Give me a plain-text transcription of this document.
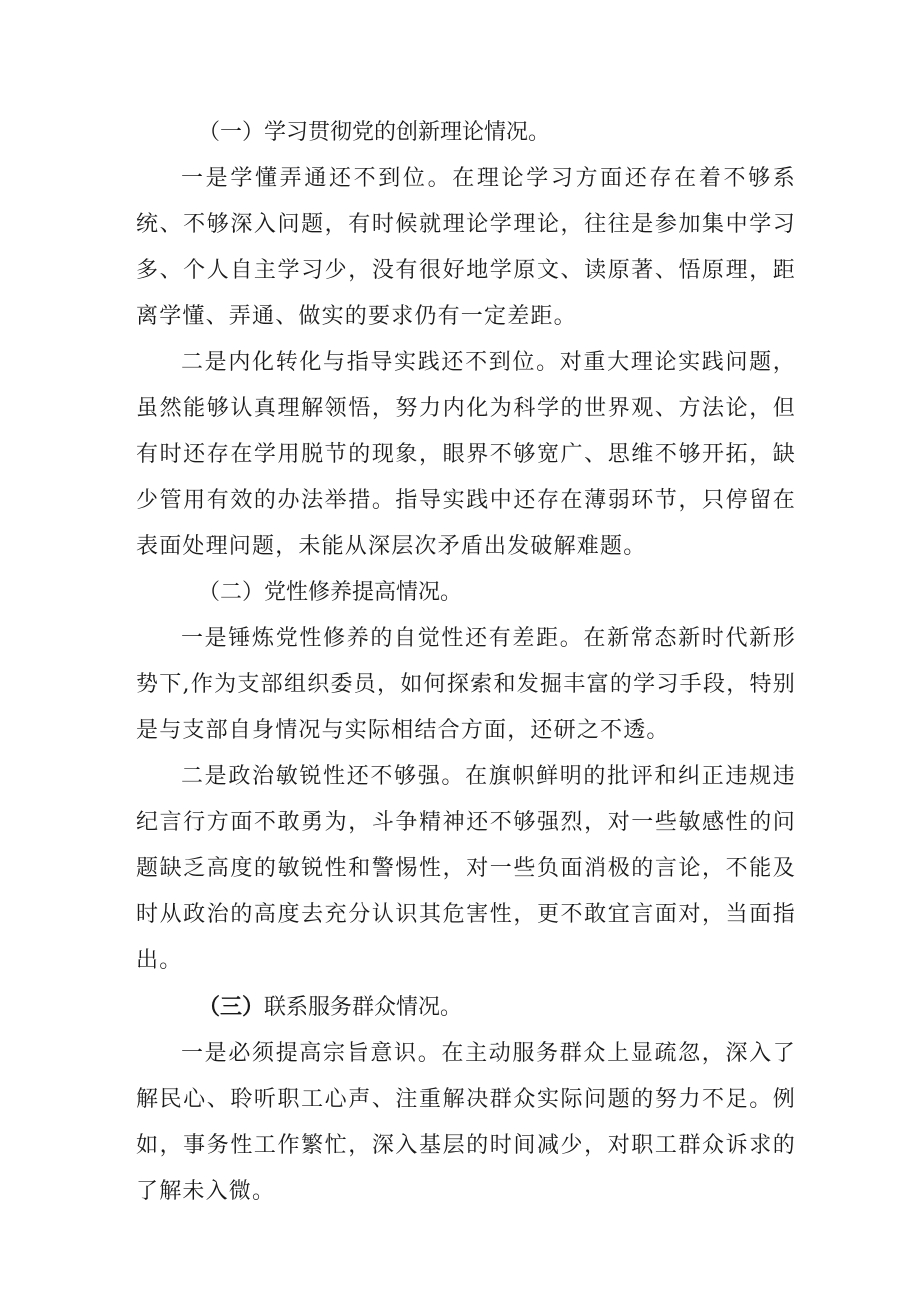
（一）学习贯彻党的创新理论情况。

一是学懂弄通还不到位。在理论学习方面还存在着不够系统、不够深入问题，有时候就理论学理论，往往是参加集中学习多、个人自主学习少，没有很好地学原文、读原著、悟原理，距离学懂、弄通、做实的要求仍有一定差距。

二是内化转化与指导实践还不到位。对重大理论实践问题，虽然能够认真理解领悟，努力内化为科学的世界观、方法论，但有时还存在学用脱节的现象，眼界不够宽广、思维不够开拓，缺少管用有效的办法举措。指导实践中还存在薄弱环节，只停留在表面处理问题，未能从深层次矛盾出发破解难题。

（二）党性修养提高情况。

一是锤炼党性修养的自觉性还有差距。在新常态新时代新形势下,作为支部组织委员，如何探索和发掘丰富的学习手段，特别是与支部自身情况与实际相结合方面，还研之不透。

二是政治敏锐性还不够强。在旗帜鲜明的批评和纠正违规违纪言行方面不敢勇为，斗争精神还不够强烈，对一些敏感性的问题缺乏高度的敏锐性和警惕性，对一些负面消极的言论，不能及时从政治的高度去充分认识其危害性，更不敢宜言面对，当面指出。

（三）联系服务群众情况。

一是必须提高宗旨意识。在主动服务群众上显疏忽，深入了解民心、聆听职工心声、注重解决群众实际问题的努力不足。例如，事务性工作繁忙，深入基层的时间减少，对职工群众诉求的了解未入微。
